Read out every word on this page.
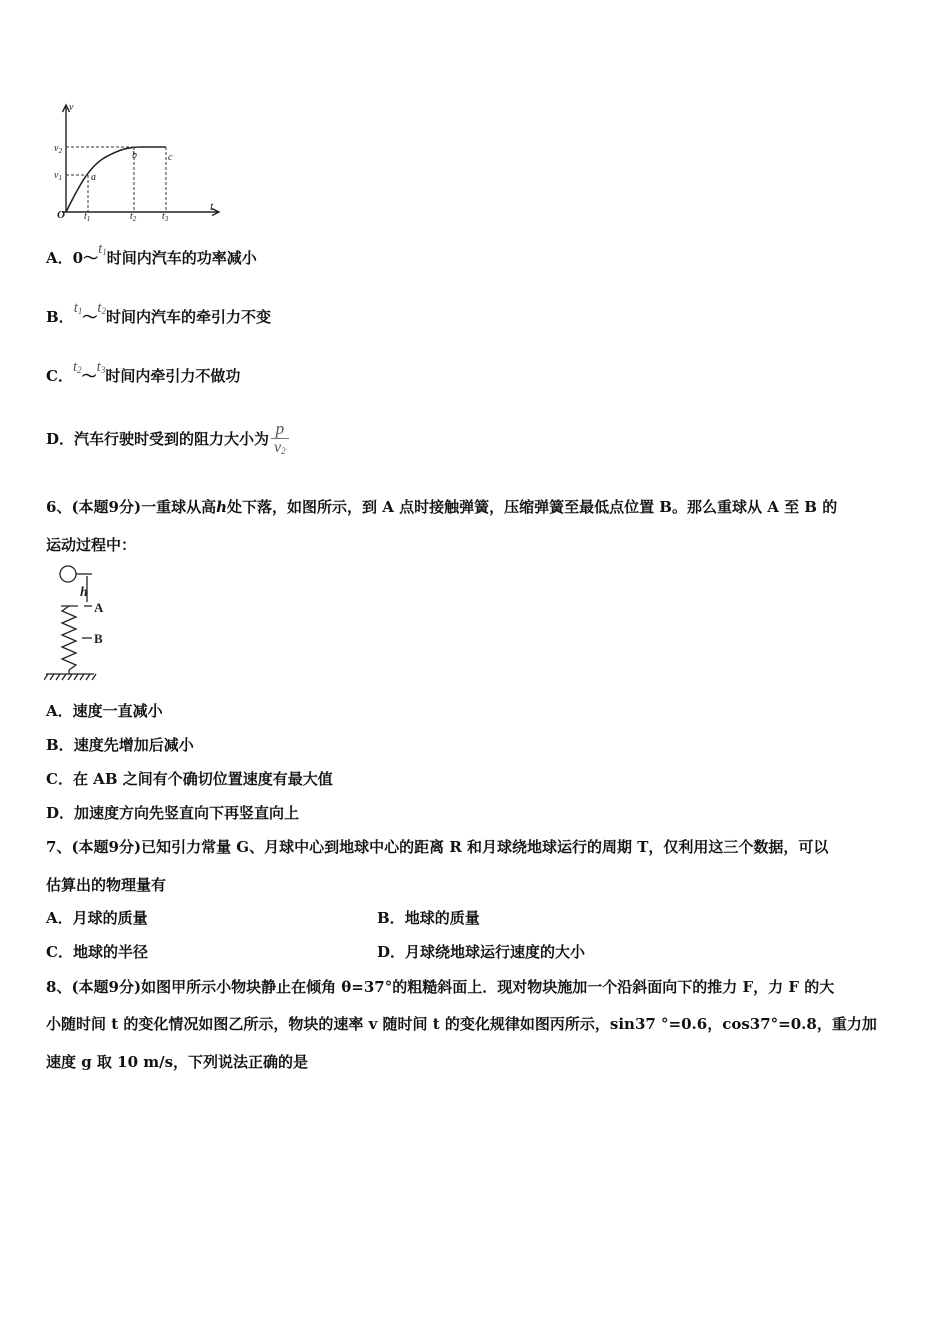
v
t
O
$v_2$
$v_1$	a
b	c
$t_1$	$t_2$	$t_3$
A．$0\sim t_1$时间内汽车的功率减小
B．$t_1\sim t_2$时间内汽车的牵引力不变
C．$t_2\sim t_3$时间内牵引力不做功
D．汽车行驶时受到的阻力大小为 $\frac{p}{v_2}$
6、(本题9分)一重球从高h处下落，如图所示，到 A 点时接触弹簧，压缩弹簧至最低点位置 B。那么重球从 A 至 B 的
运动过程中：
h
A
B
A．速度一直减小
B．速度先增加后减小
C．在 AB 之间有个确切位置速度有最大值
D．加速度方向先竖直向下再竖直向上
7、(本题9分)已知引力常量 G、月球中心到地球中心的距离 R 和月球绕地球运行的周期 T，仅利用这三个数据，可以
估算出的物理量有
A．月球的质量	B．地球的质量
C．地球的半径	D．月球绕地球运行速度的大小
8、(本题9分)如图甲所示小物块静止在倾角 θ=37°的粗糙斜面上．现对物块施加一个沿斜面向下的推力 F，力 F 的大
小随时间 t 的变化情况如图乙所示，物块的速率 v 随时间 t 的变化规律如图丙所示，sin37 °=0.6，cos37°=0.8，重力加
速度 g 取 10 m/s，下列说法正确的是
